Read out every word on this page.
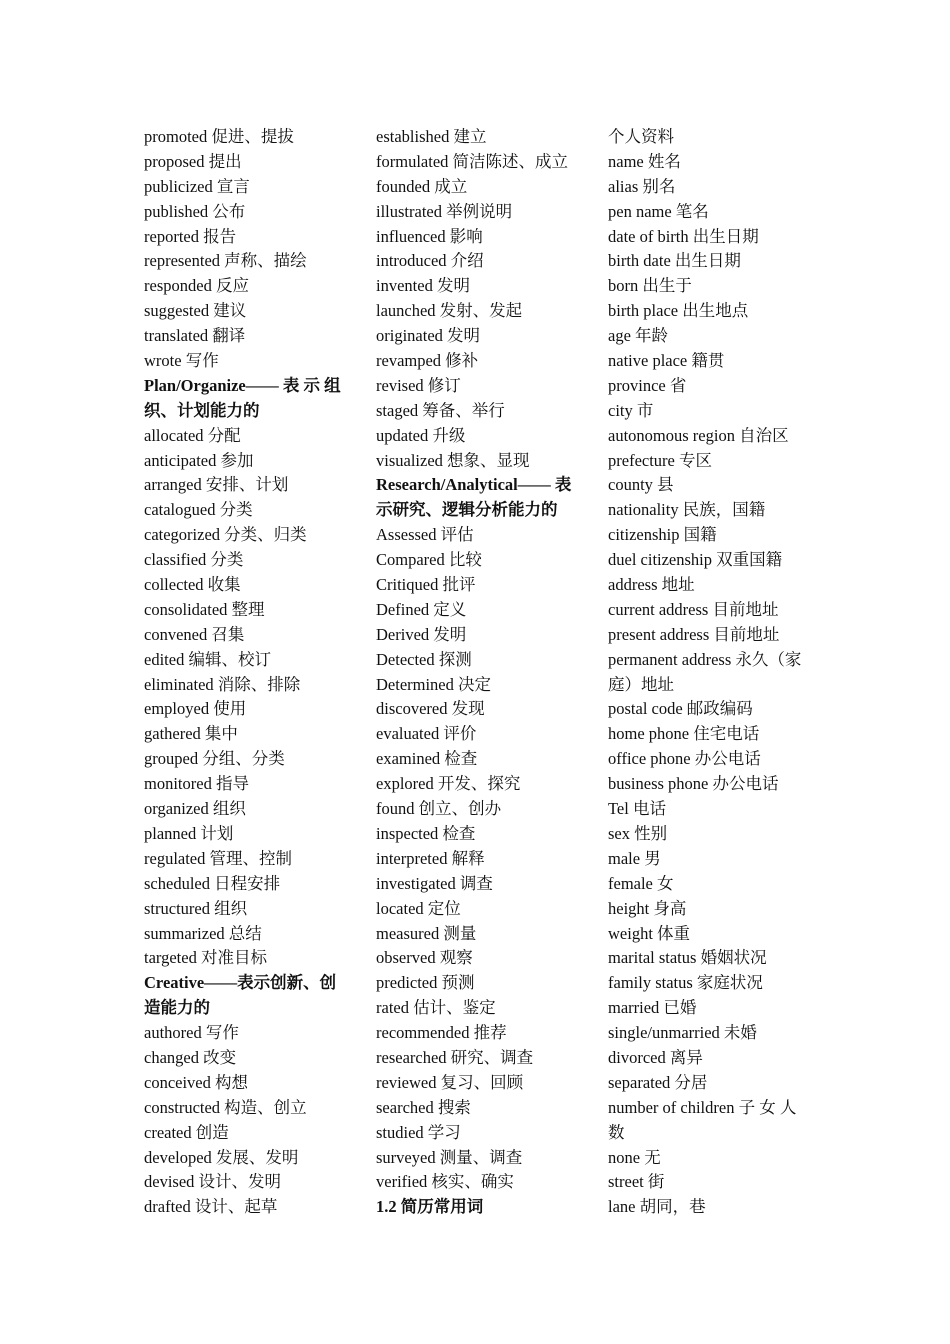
promoted 促进、提拔
proposed 提出
publicized 宣言
published 公布
reported 报告
represented 声称、描绘
responded 反应
suggested 建议
translated 翻译
wrote 写作
Plan/Organize—— 表 示 组
织、计划能力的
allocated 分配
anticipated 参加
arranged 安排、计划
catalogued 分类
categorized 分类、归类
classified 分类
collected 收集
consolidated 整理
convened 召集
edited 编辑、校订
eliminated 消除、排除
employed 使用
gathered 集中
grouped 分组、分类
monitored 指导
organized 组织
planned 计划
regulated 管理、控制
scheduled 日程安排
structured 组织
summarized 总结
targeted 对准目标
Creative——表示创新、创
造能力的
authored 写作
changed 改变
conceived 构想
constructed 构造、创立
created 创造
developed 发展、发明
devised 设计、发明
drafted 设计、起草
established 建立
formulated 简洁陈述、成立
founded 成立
illustrated 举例说明
influenced 影响
introduced 介绍
invented 发明
launched 发射、发起
originated 发明
revamped 修补
revised 修订
staged 筹备、举行
updated 升级
visualized 想象、显现
Research/Analytical—— 表
示研究、逻辑分析能力的
Assessed 评估
Compared 比较
Critiqued 批评
Defined 定义
Derived 发明
Detected 探测
Determined 决定
discovered 发现
evaluated 评价
examined 检查
explored 开发、探究
found 创立、创办
inspected 检查
interpreted 解释
investigated 调查
located 定位
measured 测量
observed 观察
predicted 预测
rated 估计、鉴定
recommended 推荐
researched 研究、调查
reviewed 复习、回顾
searched 搜索
studied 学习
surveyed 测量、调查
verified 核实、确实
1.2 简历常用词
个人资料
name 姓名
alias 别名
pen name 笔名
date of birth 出生日期
birth date 出生日期
born 出生于
birth place 出生地点
age 年龄
native place 籍贯
province 省
city 市
autonomous region 自治区
prefecture 专区
county 县
nationality 民族，国籍
citizenship 国籍
duel citizenship 双重国籍
address 地址
current address 目前地址
present address 目前地址
permanent address 永久（家
庭）地址
postal code 邮政编码
home phone 住宅电话
office phone 办公电话
business phone 办公电话
Tel 电话
sex 性别
male 男
female 女
height 身高
weight 体重
marital status 婚姻状况
family status 家庭状况
married 已婚
single/unmarried 未婚
divorced 离异
separated 分居
number of children 子 女 人
数
none 无
street 街
lane 胡同，巷
